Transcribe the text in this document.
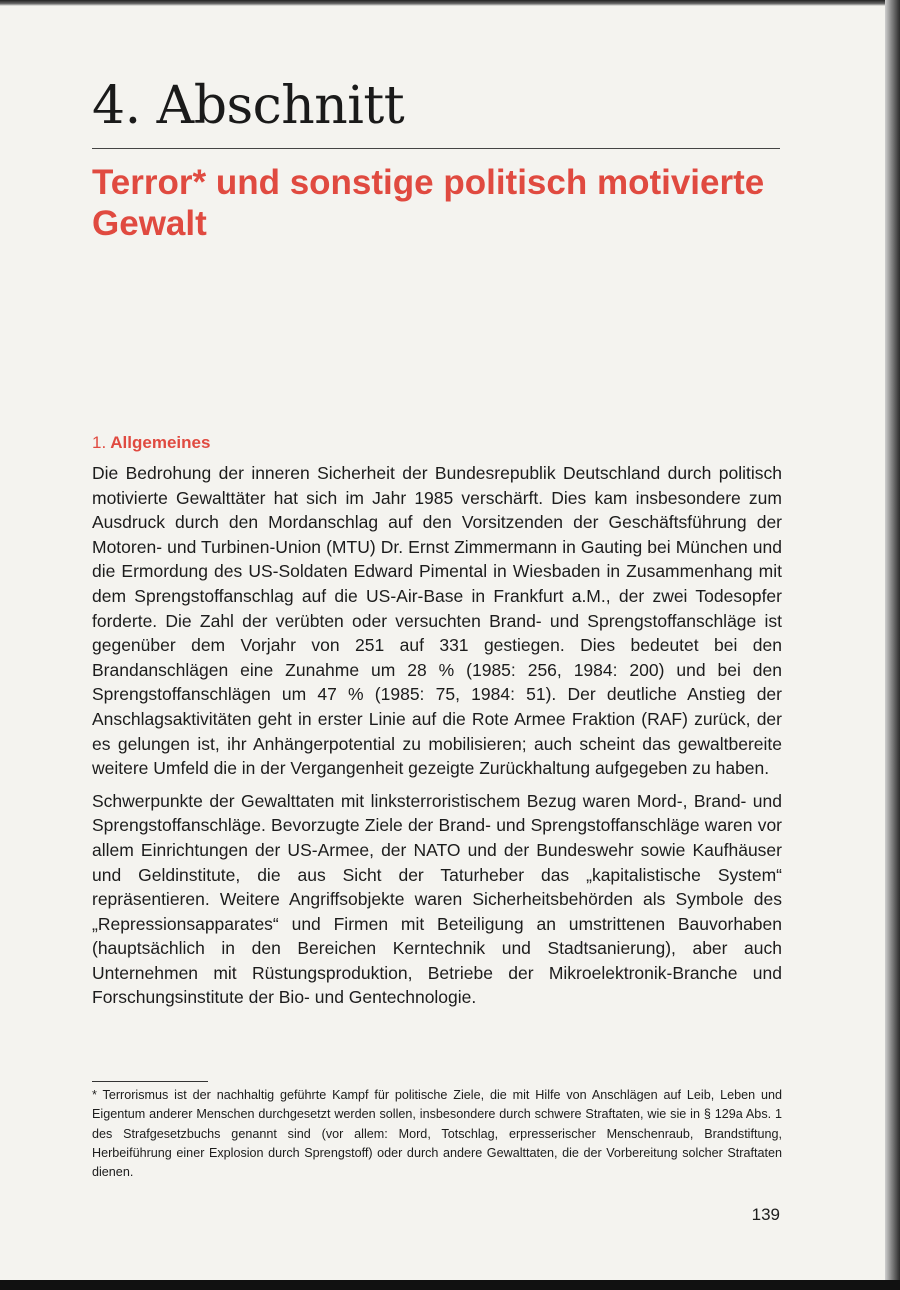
4. Abschnitt
Terror* und sonstige politisch motivierte Gewalt
1. Allgemeines

Die Bedrohung der inneren Sicherheit der Bundesrepublik Deutschland durch politisch motivierte Gewalttäter hat sich im Jahr 1985 verschärft. Dies kam insbesondere zum Ausdruck durch den Mordanschlag auf den Vorsitzenden der Geschäftsführung der Motoren- und Turbinen-Union (MTU) Dr. Ernst Zimmermann in Gauting bei München und die Ermordung des US-Soldaten Edward Pimental in Wiesbaden in Zusammenhang mit dem Sprengstoffanschlag auf die US-Air-Base in Frankfurt a.M., der zwei Todesopfer forderte. Die Zahl der verübten oder versuchten Brand- und Sprengstoffanschläge ist gegenüber dem Vorjahr von 251 auf 331 gestiegen. Dies bedeutet bei den Brandanschlägen eine Zunahme um 28 % (1985: 256, 1984: 200) und bei den Sprengstoffanschlägen um 47 % (1985: 75, 1984: 51). Der deutliche Anstieg der Anschlagsaktivitäten geht in erster Linie auf die Rote Armee Fraktion (RAF) zurück, der es gelungen ist, ihr Anhängerpotential zu mobilisieren; auch scheint das gewaltbereite weitere Umfeld die in der Vergangenheit gezeigte Zurückhaltung aufgegeben zu haben.

Schwerpunkte der Gewalttaten mit linksterroristischem Bezug waren Mord-, Brand- und Sprengstoffanschläge. Bevorzugte Ziele der Brand- und Sprengstoffanschläge waren vor allem Einrichtungen der US-Armee, der NATO und der Bundeswehr sowie Kaufhäuser und Geldinstitute, die aus Sicht der Taturheber das „kapitalistische System“ repräsentieren. Weitere Angriffsobjekte waren Sicherheitsbehörden als Symbole des „Repressionsapparates“ und Firmen mit Beteiligung an umstrittenen Bauvorhaben (hauptsächlich in den Bereichen Kerntechnik und Stadtsanierung), aber auch Unternehmen mit Rüstungsproduktion, Betriebe der Mikroelektronik-Branche und Forschungsinstitute der Bio- und Gentechnologie.

* Terrorismus ist der nachhaltig geführte Kampf für politische Ziele, die mit Hilfe von Anschlägen auf Leib, Leben und Eigentum anderer Menschen durchgesetzt werden sollen, insbesondere durch schwere Straftaten, wie sie in § 129a Abs. 1 des Strafgesetzbuchs genannt sind (vor allem: Mord, Totschlag, erpresserischer Menschenraub, Brandstiftung, Herbeiführung einer Explosion durch Sprengstoff) oder durch andere Gewalttaten, die der Vorbereitung solcher Straftaten dienen.

139
